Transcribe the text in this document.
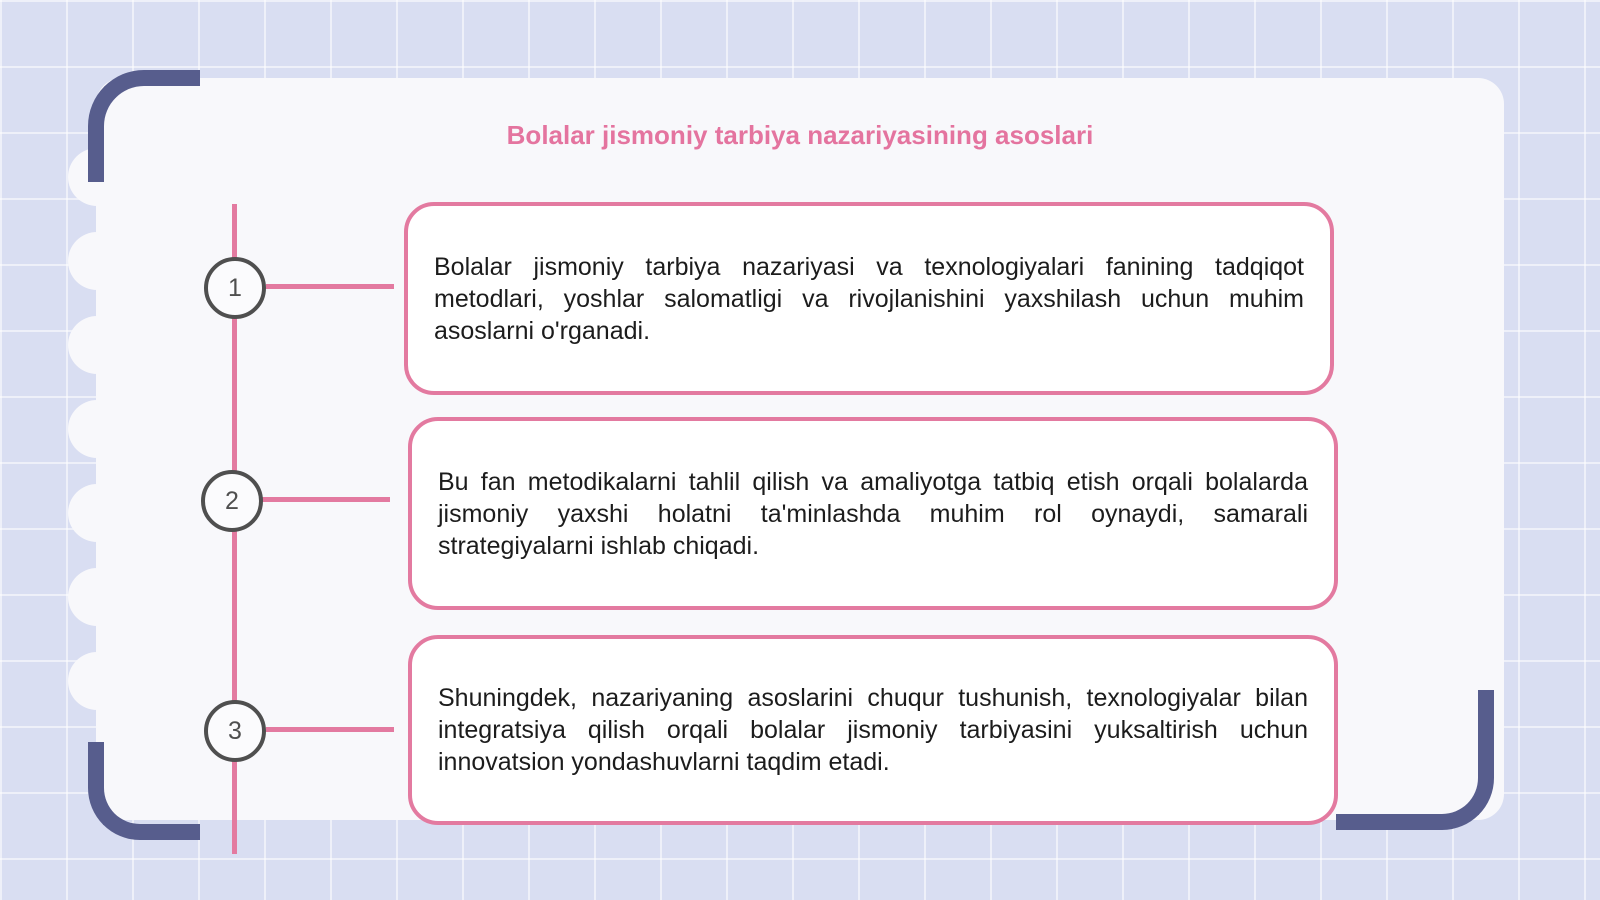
Bolalar jismoniy tarbiya nazariyasining asoslari
1
2
3

Bolalar jismoniy tarbiya nazariyasi va texnologiyalari fanining tadqiqot metodlari, yoshlar salomatligi va rivojlanishini yaxshilash uchun muhim asoslarni o'rganadi.

Bu fan metodikalarni tahlil qilish va amaliyotga tatbiq etish orqali bolalarda jismoniy yaxshi holatni ta'minlashda muhim rol oynaydi, samarali strategiyalarni ishlab chiqadi.

Shuningdek, nazariyaning asoslarini chuqur tushunish, texnologiyalar bilan integratsiya qilish orqali bolalar jismoniy tarbiyasini yuksaltirish uchun innovatsion yondashuvlarni taqdim etadi.
